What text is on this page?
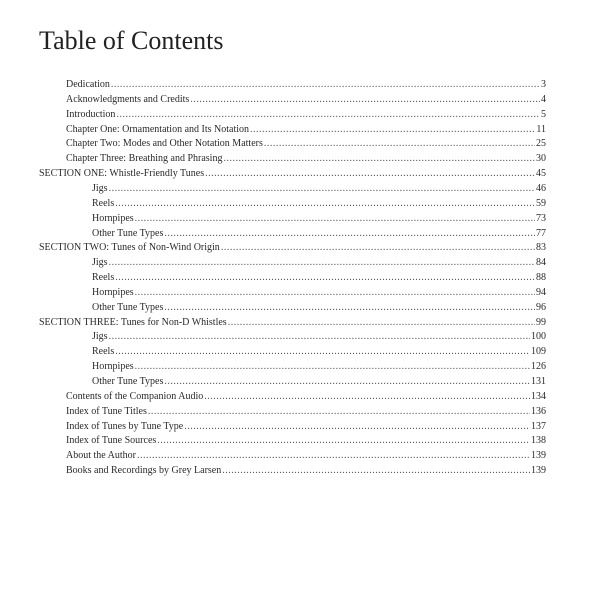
Table of Contents
Dedication .....	3
Acknowledgments and Credits .....	4
Introduction .....	5
Chapter One: Ornamentation and Its Notation .....	11
Chapter Two: Modes and Other Notation Matters .....	25
Chapter Three: Breathing and Phrasing .....	30
SECTION ONE: Whistle-Friendly Tunes .....	45
Jigs .....	46
Reels .....	59
Hornpipes .....	73
Other Tune Types .....	77
SECTION TWO: Tunes of Non-Wind Origin .....	83
Jigs .....	84
Reels .....	88
Hornpipes .....	94
Other Tune Types .....	96
SECTION THREE: Tunes for Non-D Whistles .....	99
Jigs .....	100
Reels .....	109
Hornpipes .....	126
Other Tune Types .....	131
Contents of the Companion Audio .....	134
Index of Tune Titles .....	136
Index of Tunes by Tune Type .....	137
Index of Tune Sources .....	138
About the Author .....	139
Books and Recordings by Grey Larsen .....	139
